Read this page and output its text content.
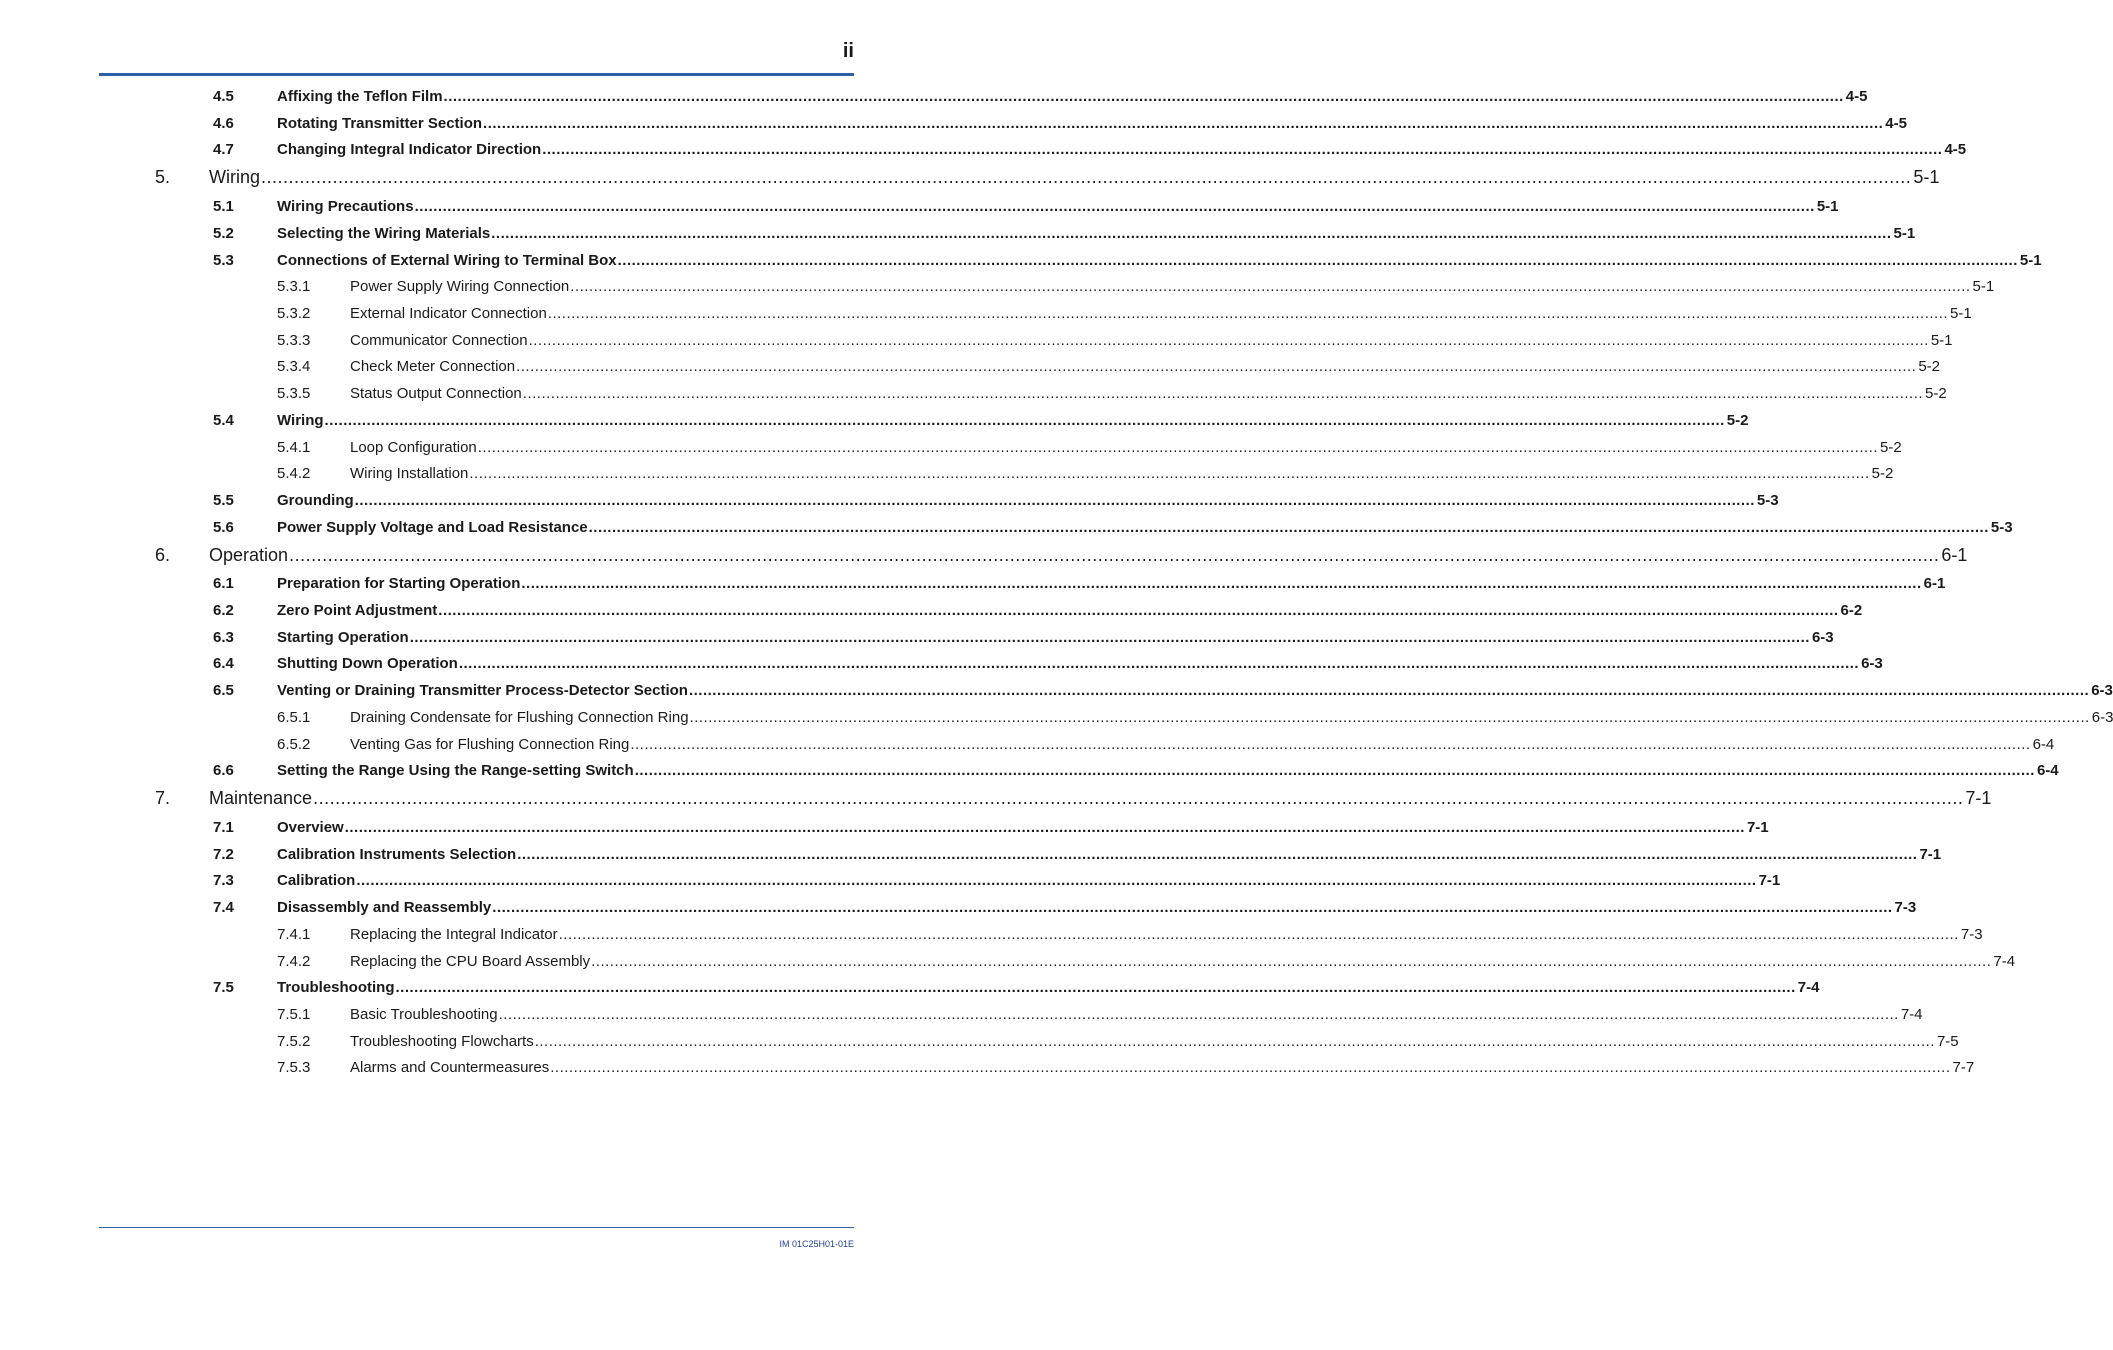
ii
4.5	Affixing the Teflon Film ............................................................................................................................................................................................................................................................................................................ 4-5
4.6	Rotating Transmitter Section ............................................................................................................................................................................................................................................................................................................ 4-5
4.7	Changing Integral Indicator Direction ............................................................................................................................................................................................................................................................................................................ 4-5
5. Wiring ............................................................................................................................................................................................................................................................................................................ 5-1
5.1	Wiring Precautions ............................................................................................................................................................................................................................................................................................................ 5-1
5.2	Selecting the Wiring Materials ............................................................................................................................................................................................................................................................................................................ 5-1
5.3	Connections of External Wiring to Terminal Box ............................................................................................................................................................................................................................................................................................................ 5-1
5.3.1	Power Supply Wiring Connection ............................................................................................................................................................................................................................................................................................................ 5-1
5.3.2	External Indicator Connection ............................................................................................................................................................................................................................................................................................................ 5-1
5.3.3	Communicator Connection ............................................................................................................................................................................................................................................................................................................ 5-1
5.3.4	Check Meter Connection ............................................................................................................................................................................................................................................................................................................ 5-2
5.3.5	Status Output Connection ............................................................................................................................................................................................................................................................................................................ 5-2
5.4	Wiring ............................................................................................................................................................................................................................................................................................................ 5-2
5.4.1	Loop Configuration ............................................................................................................................................................................................................................................................................................................ 5-2
5.4.2	Wiring Installation ............................................................................................................................................................................................................................................................................................................ 5-2
5.5	Grounding ............................................................................................................................................................................................................................................................................................................ 5-3
5.6	Power Supply Voltage and Load Resistance ............................................................................................................................................................................................................................................................................................................ 5-3
6. Operation ............................................................................................................................................................................................................................................................................................................ 6-1
6.1	Preparation for Starting Operation ............................................................................................................................................................................................................................................................................................................ 6-1
6.2	Zero Point Adjustment ............................................................................................................................................................................................................................................................................................................ 6-2
6.3	Starting Operation ............................................................................................................................................................................................................................................................................................................ 6-3
6.4	Shutting Down Operation ............................................................................................................................................................................................................................................................................................................ 6-3
6.5	Venting or Draining Transmitter Process-Detector Section ............................................................................................................................................................................................................................................................................................................ 6-3
6.5.1	Draining Condensate for Flushing Connection Ring ............................................................................................................................................................................................................................................................................................................ 6-3
6.5.2	Venting Gas for Flushing Connection Ring ............................................................................................................................................................................................................................................................................................................ 6-4
6.6	Setting the Range Using the Range-setting Switch ............................................................................................................................................................................................................................................................................................................ 6-4
7. Maintenance ............................................................................................................................................................................................................................................................................................................ 7-1
7.1	Overview ............................................................................................................................................................................................................................................................................................................ 7-1
7.2	Calibration Instruments Selection ............................................................................................................................................................................................................................................................................................................ 7-1
7.3	Calibration ............................................................................................................................................................................................................................................................................................................ 7-1
7.4	Disassembly and Reassembly ............................................................................................................................................................................................................................................................................................................ 7-3
7.4.1	Replacing the Integral Indicator ............................................................................................................................................................................................................................................................................................................ 7-3
7.4.2	Replacing the CPU Board Assembly ............................................................................................................................................................................................................................................................................................................ 7-4
7.5	Troubleshooting ............................................................................................................................................................................................................................................................................................................ 7-4
7.5.1	Basic Troubleshooting ............................................................................................................................................................................................................................................................................................................ 7-4
7.5.2	Troubleshooting Flowcharts ............................................................................................................................................................................................................................................................................................................ 7-5
7.5.3	Alarms and Countermeasures ............................................................................................................................................................................................................................................................................................................ 7-7
IM 01C25H01-01E
